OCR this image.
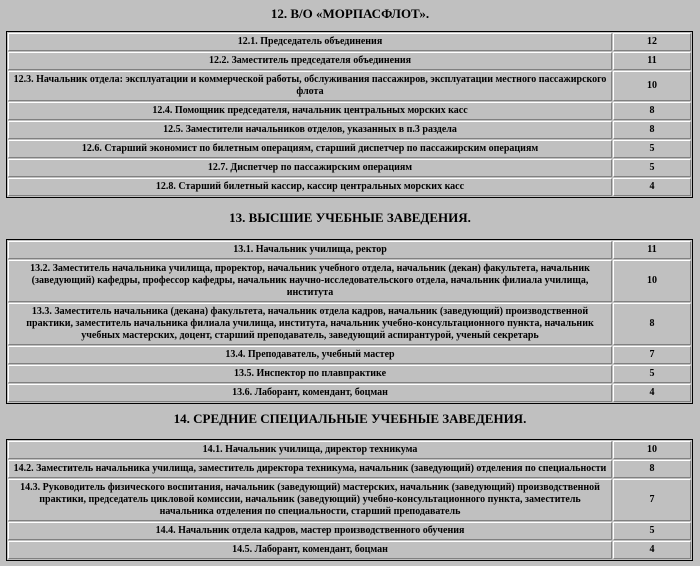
12. В/О «МОРПАСФЛОТ».
12.1. Председатель объединения	12
12.2. Заместитель председателя объединения	11
12.3. Начальник отдела: эксплуатации и коммерческой работы, обслуживания пассажиров, эксплуатации местного пассажирского флота	10
12.4. Помощник председателя, начальник центральных морских касс	8
12.5. Заместители начальников отделов, указанных в п.3 раздела	8
12.6. Старший экономист по билетным операциям, старший диспетчер по пассажирским операциям	5
12.7. Диспетчер по пассажирским операциям	5
12.8. Старший билетный кассир, кассир центральных морских касс	4
13. ВЫСШИЕ УЧЕБНЫЕ ЗАВЕДЕНИЯ.
13.1. Начальник училища, ректор	11
13.2. Заместитель начальника училища, проректор, начальник учебного отдела, начальник (декан) факультета, начальник (заведующий) кафедры, профессор кафедры, начальник научно-исследовательского отдела, начальник филиала училища, института	10
13.3. Заместитель начальника (декана) факультета, начальник отдела кадров, начальник (заведующий) производственной практики, заместитель начальника филиала училища, института, начальник учебно-консультационного пункта, начальник учебных мастерских, доцент, старший преподаватель, заведующий аспирантурой, ученый секретарь	8
13.4. Преподаватель, учебный мастер	7
13.5. Инспектор по плавпрактике	5
13.6. Лаборант, комендант, боцман	4
14. СРЕДНИЕ СПЕЦИАЛЬНЫЕ УЧЕБНЫЕ ЗАВЕДЕНИЯ.
14.1. Начальник училища, директор техникума	10
14.2. Заместитель начальника училища, заместитель директора техникума, начальник (заведующий) отделения по специальности	8
14.3. Руководитель физического воспитания, начальник (заведующий) мастерских, начальник (заведующий) производственной практики, председатель цикловой комиссии, начальник (заведующий) учебно-консультационного пункта, заместитель начальника отделения по специальности, старший преподаватель	7
14.4. Начальник отдела кадров, мастер производственного обучения	5
14.5. Лаборант, комендант, боцман	4
